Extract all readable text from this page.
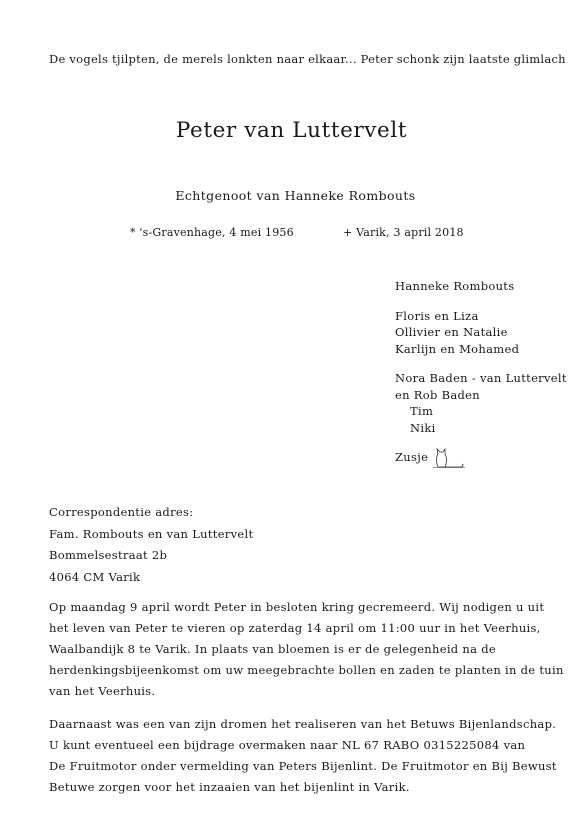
De vogels tjilpten, de merels lonkten naar elkaar... Peter schonk zijn laatste glimlach
Peter van Luttervelt
Echtgenoot van Hanneke Rombouts
* 's-Gravenhage, 4 mei 1956	+ Varik, 3 april 2018
Hanneke Rombouts
Floris en Liza
Ollivier en Natalie
Karlijn en Mohamed
Nora Baden - van Luttervelt
en Rob Baden
Tim
Niki
Zusje
Correspondentie adres:
Fam. Rombouts en van Luttervelt
Bommelsestraat 2b
4064 CM Varik
Op maandag 9 april wordt Peter in besloten kring gecremeerd. Wij nodigen u uit
het leven van Peter te vieren op zaterdag 14 april om 11:00 uur in het Veerhuis,
Waalbandijk 8 te Varik. In plaats van bloemen is er de gelegenheid na de
herdenkingsbijeenkomst om uw meegebrachte bollen en zaden te planten in de tuin
van het Veerhuis.
Daarnaast was een van zijn dromen het realiseren van het Betuws Bijenlandschap.
U kunt eventueel een bijdrage overmaken naar NL 67 RABO 0315225084 van
De Fruitmotor onder vermelding van Peters Bijenlint. De Fruitmotor en Bij Bewust
Betuwe zorgen voor het inzaaien van het bijenlint in Varik.
